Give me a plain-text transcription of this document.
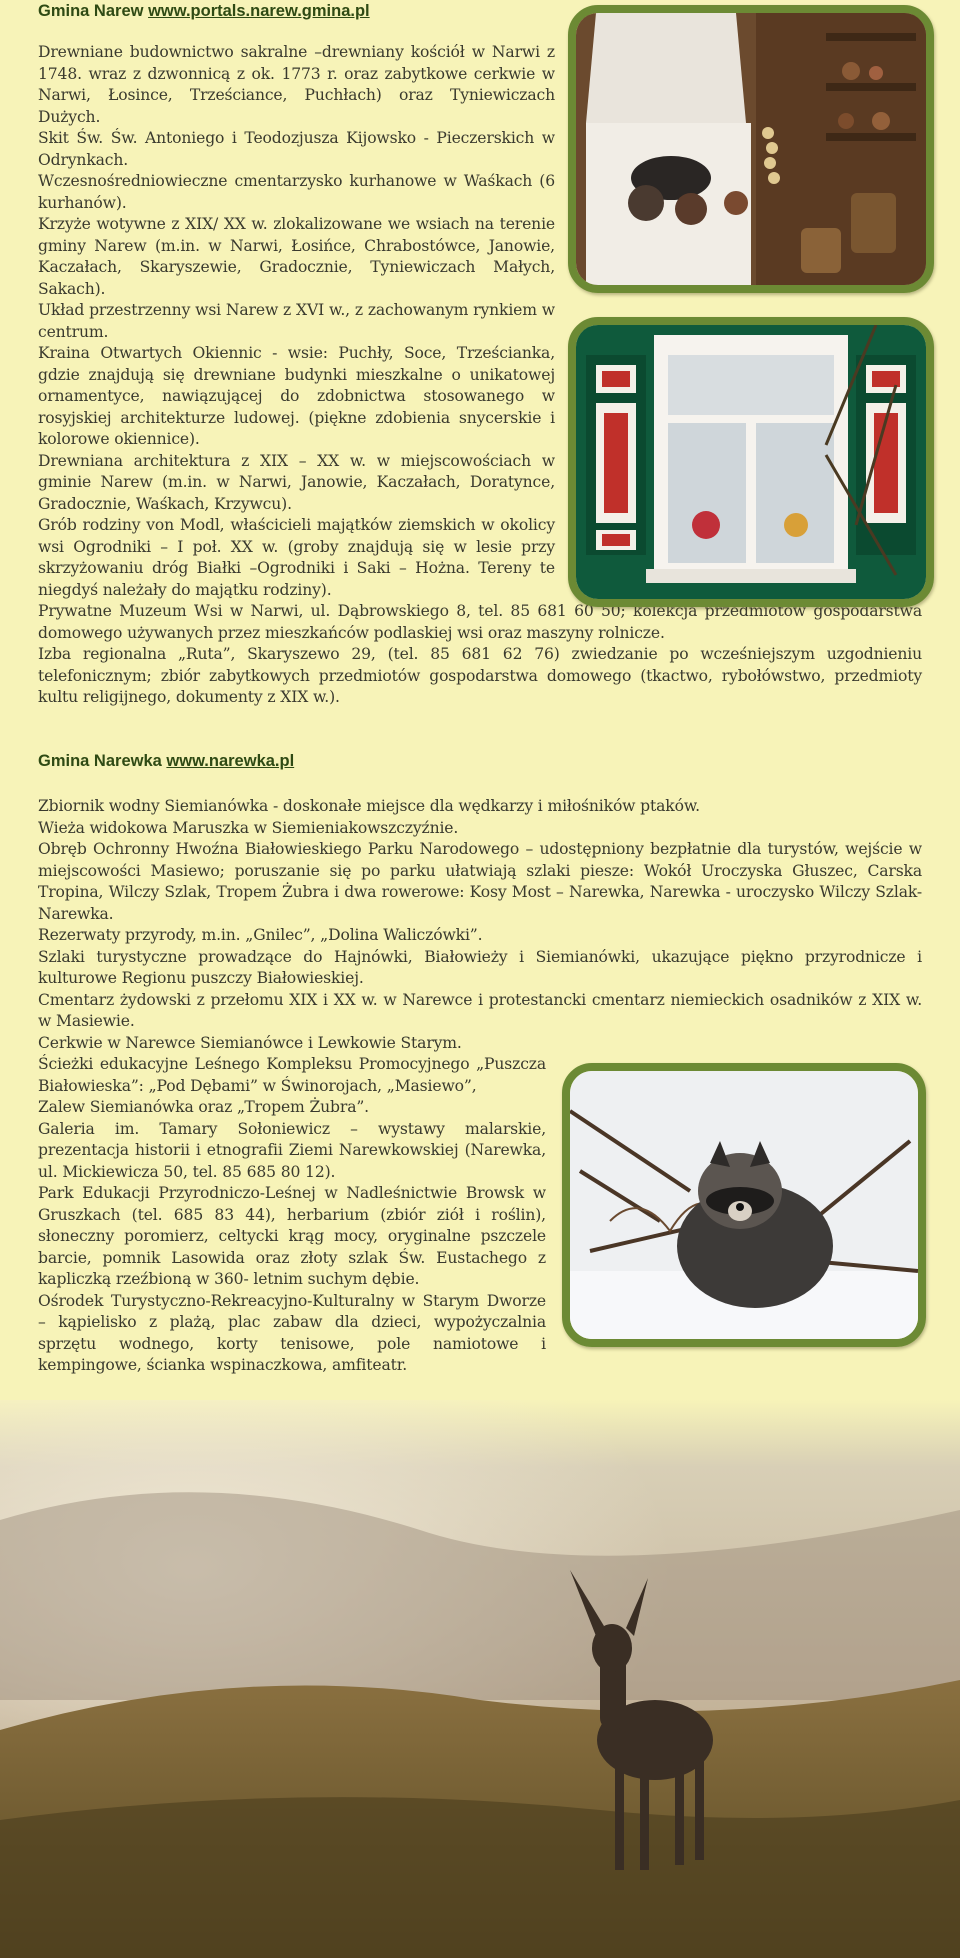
Gmina Narew www.portals.narew.gmina.pl

Drewniane budownictwo sakralne –drewniany kościół w Narwi z 1748. wraz z dzwonnicą z ok. 1773 r. oraz zabytkowe cerkwie w Narwi, Łosince, Trześciance, Puchłach) oraz Tyniewiczach Dużych.

Skit Św. Św. Antoniego i Teodozjusza Kijowsko - Pieczerskich w Odrynkach.

Wczesnośredniowieczne cmentarzysko kurhanowe w Waśkach (6 kurhanów).

Krzyże wotywne z XIX/ XX w. zlokalizowane we wsiach na terenie gminy Narew (m.in. w Narwi, Łosińce, Chrabostówce, Janowie, Kaczałach, Skaryszewie, Gradocznie, Tyniewiczach Małych, Sakach).

Układ przestrzenny wsi Narew z XVI w., z zachowanym rynkiem w centrum.

Kraina Otwartych Okiennic - wsie: Puchły, Soce, Trześcianka, gdzie znajdują się drewniane budynki mieszkalne o unikatowej ornamentyce, nawiązującej do zdobnictwa stosowanego w rosyjskiej architekturze ludowej. (piękne zdobienia snycerskie i kolorowe okiennice).

Drewniana architektura z XIX – XX w. w miejscowościach w gminie Narew (m.in. w Narwi, Janowie, Kaczałach, Doratynce, Gradocznie, Waśkach, Krzywcu).

Grób rodziny von Modl, właścicieli majątków ziemskich w okolicy wsi Ogrodniki – I poł. XX w. (groby znajdują się w lesie przy skrzyżowaniu dróg Białki –Ogrodniki i Saki – Hożna. Tereny te niegdyś należały do majątku rodziny).

Prywatne Muzeum Wsi w Narwi, ul. Dąbrowskiego 8, tel. 85 681 60 50; kolekcja przedmiotów gospodarstwa domowego używanych przez mieszkańców podlaskiej wsi oraz maszyny rolnicze.

Izba regionalna „Ruta”, Skaryszewo 29, (tel. 85 681 62 76) zwiedzanie po wcześniejszym uzgodnieniu telefonicznym; zbiór zabytkowych przedmiotów gospodarstwa domowego (tkactwo, rybołówstwo, przedmioty kultu religijnego, dokumenty z XIX w.).

Gmina Narewka www.narewka.pl

Zbiornik wodny Siemianówka - doskonałe miejsce dla wędkarzy i miłośników ptaków.

Wieża widokowa Maruszka w Siemieniakowszczyźnie.

Obręb Ochronny Hwoźna Białowieskiego Parku Narodowego – udostępniony bezpłatnie dla turystów, wejście w miejscowości Masiewo; poruszanie się po parku ułatwiają szlaki piesze: Wokół Uroczyska Głuszec, Carska Tropina, Wilczy Szlak, Tropem Żubra i dwa rowerowe: Kosy Most – Narewka, Narewka - uroczysko Wilczy Szlak- Narewka.

Rezerwaty przyrody, m.in. „Gnilec”, „Dolina Waliczówki”.

Szlaki turystyczne prowadzące do Hajnówki, Białowieży i Siemianówki, ukazujące piękno przyrodnicze i kulturowe Regionu puszczy Białowieskiej.

Cmentarz żydowski z przełomu XIX i XX w. w Narewce i protestancki cmentarz niemieckich osadników z XIX w. w Masiewie.

Cerkwie w Narewce Siemianówce i Lewkowie Starym.

Ścieżki edukacyjne Leśnego Kompleksu Promocyjnego „Puszcza Białowieska”: „Pod Dębami” w Świnorojach, „Masiewo”,

Zalew Siemianówka oraz „Tropem Żubra”.

Galeria im. Tamary Sołoniewicz – wystawy malarskie, prezentacja historii i etnografii Ziemi Narewkowskiej (Narewka, ul. Mickiewicza 50, tel. 85 685 80 12).

Park Edukacji Przyrodniczo-Leśnej w Nadleśnictwie Browsk w Gruszkach (tel. 685 83 44), herbarium (zbiór ziół i roślin), słoneczny poromierz, celtycki krąg mocy, oryginalne pszczele barcie, pomnik Lasowida oraz złoty szlak Św. Eustachego z kapliczką rzeźbioną w 360- letnim suchym dębie.

Ośrodek Turystyczno-Rekreacyjno-Kulturalny w Starym Dworze – kąpielisko z plażą, plac zabaw dla dzieci, wypożyczalnia sprzętu wodnego, korty tenisowe, pole namiotowe i kempingowe, ścianka wspinaczkowa, amfiteatr.
